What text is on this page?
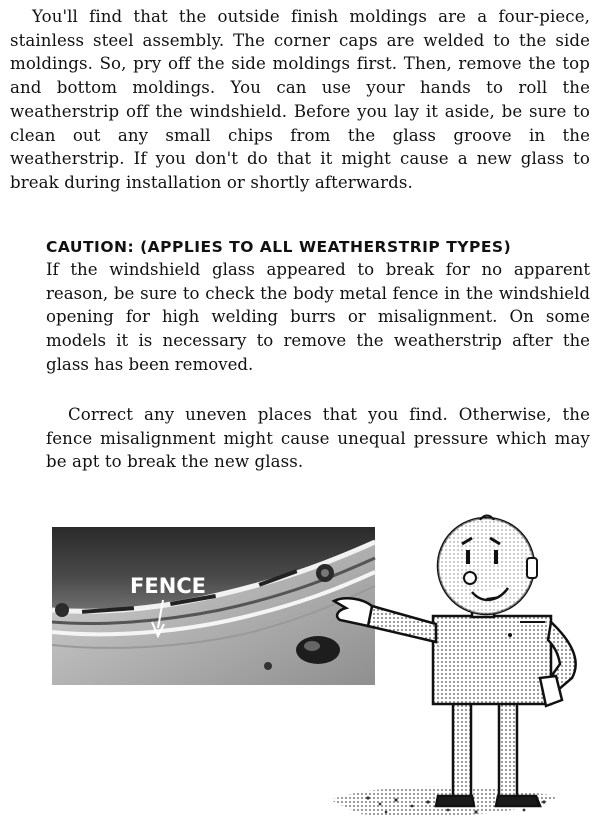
You'll find that the outside finish moldings are a four-piece, stainless steel assembly. The corner caps are welded to the side moldings. So, pry off the side moldings first. Then, remove the top and bottom moldings. You can use your hands to roll the weatherstrip off the windshield. Before you lay it aside, be sure to clean out any small chips from the glass groove in the weatherstrip. If you don't do that it might cause a new glass to break during installation or shortly afterwards.

CAUTION: (APPLIES TO ALL WEATHERSTRIP TYPES)

If the windshield glass appeared to break for no apparent reason, be sure to check the body metal fence in the windshield opening for high welding burrs or misalignment. On some models it is necessary to remove the weatherstrip after the glass has been removed.

Correct any uneven places that you find. Otherwise, the fence misalignment might cause unequal pressure which may be apt to break the new glass.

FENCE
